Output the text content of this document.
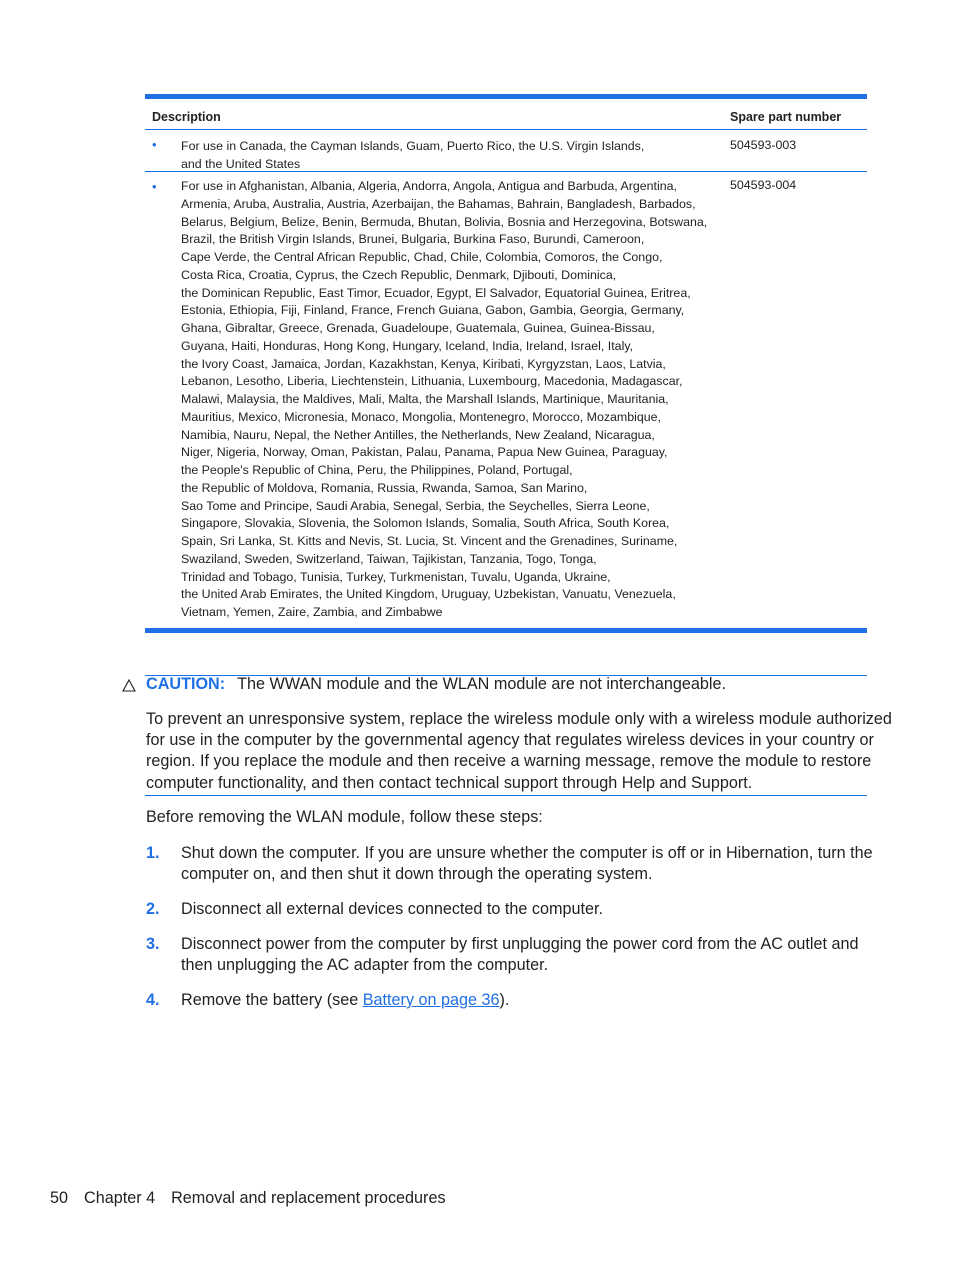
Description	Spare part number
• For use in Canada, the Cayman Islands, Guam, Puerto Rico, the U.S. Virgin Islands,
and the United States
504593-003
• For use in Afghanistan, Albania, Algeria, Andorra, Angola, Antigua and Barbuda, Argentina,
Armenia, Aruba, Australia, Austria, Azerbaijan, the Bahamas, Bahrain, Bangladesh, Barbados,
Belarus, Belgium, Belize, Benin, Bermuda, Bhutan, Bolivia, Bosnia and Herzegovina, Botswana,
Brazil, the British Virgin Islands, Brunei, Bulgaria, Burkina Faso, Burundi, Cameroon,
Cape Verde, the Central African Republic, Chad, Chile, Colombia, Comoros, the Congo,
Costa Rica, Croatia, Cyprus, the Czech Republic, Denmark, Djibouti, Dominica,
the Dominican Republic, East Timor, Ecuador, Egypt, El Salvador, Equatorial Guinea, Eritrea,
Estonia, Ethiopia, Fiji, Finland, France, French Guiana, Gabon, Gambia, Georgia, Germany,
Ghana, Gibraltar, Greece, Grenada, Guadeloupe, Guatemala, Guinea, Guinea-Bissau,
Guyana, Haiti, Honduras, Hong Kong, Hungary, Iceland, India, Ireland, Israel, Italy,
the Ivory Coast, Jamaica, Jordan, Kazakhstan, Kenya, Kiribati, Kyrgyzstan, Laos, Latvia,
Lebanon, Lesotho, Liberia, Liechtenstein, Lithuania, Luxembourg, Macedonia, Madagascar,
Malawi, Malaysia, the Maldives, Mali, Malta, the Marshall Islands, Martinique, Mauritania,
Mauritius, Mexico, Micronesia, Monaco, Mongolia, Montenegro, Morocco, Mozambique,
Namibia, Nauru, Nepal, the Nether Antilles, the Netherlands, New Zealand, Nicaragua,
Niger, Nigeria, Norway, Oman, Pakistan, Palau, Panama, Papua New Guinea, Paraguay,
the People's Republic of China, Peru, the Philippines, Poland, Portugal,
the Republic of Moldova, Romania, Russia, Rwanda, Samoa, San Marino,
Sao Tome and Principe, Saudi Arabia, Senegal, Serbia, the Seychelles, Sierra Leone,
Singapore, Slovakia, Slovenia, the Solomon Islands, Somalia, South Africa, South Korea,
Spain, Sri Lanka, St. Kitts and Nevis, St. Lucia, St. Vincent and the Grenadines, Suriname,
Swaziland, Sweden, Switzerland, Taiwan, Tajikistan, Tanzania, Togo, Tonga,
Trinidad and Tobago, Tunisia, Turkey, Turkmenistan, Tuvalu, Uganda, Ukraine,
the United Arab Emirates, the United Kingdom, Uruguay, Uzbekistan, Vanuatu, Venezuela,
Vietnam, Yemen, Zaire, Zambia, and Zimbabwe
504593-004
CAUTION: The WWAN module and the WLAN module are not interchangeable.
To prevent an unresponsive system, replace the wireless module only with a wireless module authorized
for use in the computer by the governmental agency that regulates wireless devices in your country or
region. If you replace the module and then receive a warning message, remove the module to restore
computer functionality, and then contact technical support through Help and Support.
Before removing the WLAN module, follow these steps:
1. Shut down the computer. If you are unsure whether the computer is off or in Hibernation, turn the
computer on, and then shut it down through the operating system.
2. Disconnect all external devices connected to the computer.
3. Disconnect power from the computer by first unplugging the power cord from the AC outlet and
then unplugging the AC adapter from the computer.
4. Remove the battery (see Battery on page 36).
50 Chapter 4 Removal and replacement procedures
